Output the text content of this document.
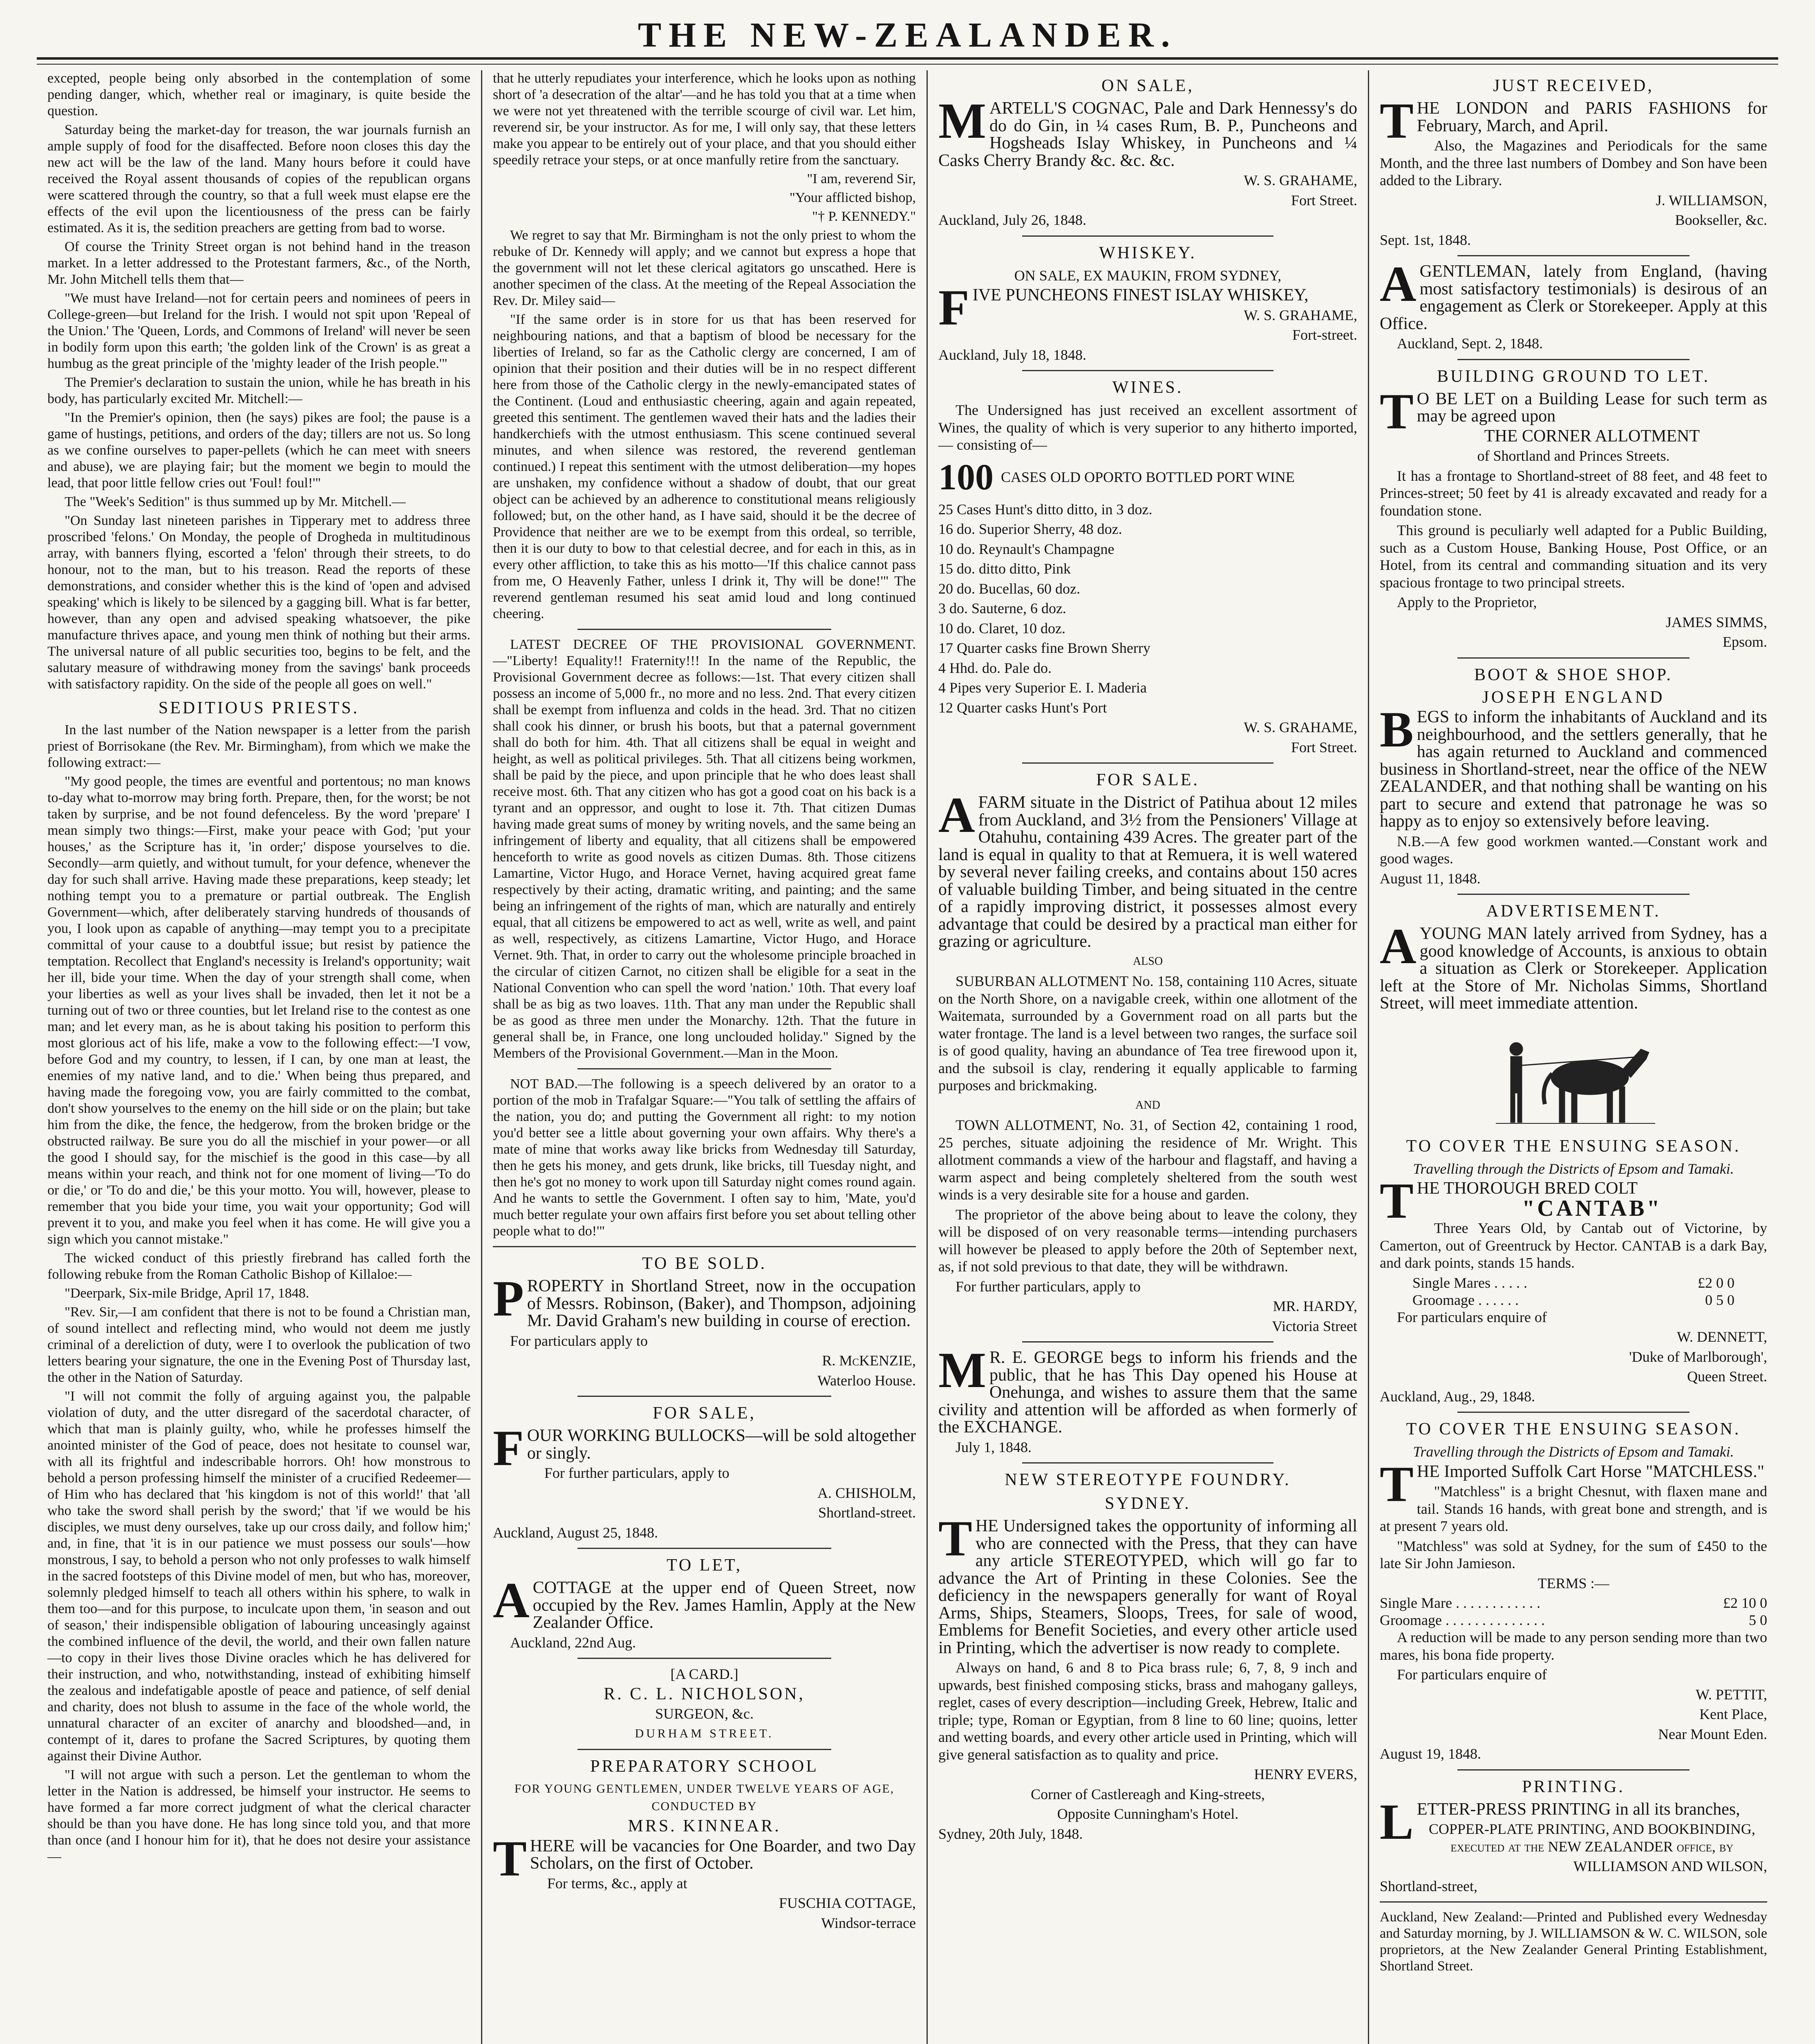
THE NEW-ZEALANDER.

excepted, people being only absorbed in the contemplation of some pending danger, which, whether real or imaginary, is quite beside the question.

Saturday being the market-day for treason, the war journals furnish an ample supply of food for the disaffected. Before noon closes this day the new act will be the law of the land. Many hours before it could have received the Royal assent thousands of copies of the republican organs were scattered through the country, so that a full week must elapse ere the effects of the evil upon the licentiousness of the press can be fairly estimated. As it is, the sedition preachers are getting from bad to worse.

Of course the Trinity Street organ is not behind hand in the treason market. In a letter addressed to the Protestant farmers, &c., of the North, Mr. John Mitchell tells them that—

"We must have Ireland—not for certain peers and nominees of peers in College-green—but Ireland for the Irish. I would not spit upon 'Repeal of the Union.' The 'Queen, Lords, and Commons of Ireland' will never be seen in bodily form upon this earth; 'the golden link of the Crown' is as great a humbug as the great principle of the 'mighty leader of the Irish people.'"

The Premier's declaration to sustain the union, while he has breath in his body, has particularly excited Mr. Mitchell:—

"In the Premier's opinion, then (he says) pikes are fool; the pause is a game of hustings, petitions, and orders of the day; tillers are not us. So long as we confine ourselves to paper-pellets (which he can meet with sneers and abuse), we are playing fair; but the moment we begin to mould the lead, that poor little fellow cries out 'Foul! foul!'"

The "Week's Sedition" is thus summed up by Mr. Mitchell.—

"On Sunday last nineteen parishes in Tipperary met to address three proscribed 'felons.' On Monday, the people of Drogheda in multitudinous array, with banners flying, escorted a 'felon' through their streets, to do honour, not to the man, but to his treason. Read the reports of these demonstrations, and consider whether this is the kind of 'open and advised speaking' which is likely to be silenced by a gagging bill. What is far better, however, than any open and advised speaking whatsoever, the pike manufacture thrives apace, and young men think of nothing but their arms. The universal nature of all public securities too, begins to be felt, and the salutary measure of withdrawing money from the savings' bank proceeds with satisfactory rapidity. On the side of the people all goes on well."

SEDITIOUS PRIESTS.

In the last number of the Nation newspaper is a letter from the parish priest of Borrisokane (the Rev. Mr. Birmingham), from which we make the following extract:—

"My good people, the times are eventful and portentous; no man knows to-day what to-morrow may bring forth. Prepare, then, for the worst; be not taken by surprise, and be not found defenceless. By the word 'prepare' I mean simply two things:—First, make your peace with God; 'put your houses,' as the Scripture has it, 'in order;' dispose yourselves to die. Secondly—arm quietly, and without tumult, for your defence, whenever the day for such shall arrive. Having made these preparations, keep steady; let nothing tempt you to a premature or partial outbreak. The English Government—which, after deliberately starving hundreds of thousands of you, I look upon as capable of anything—may tempt you to a precipitate committal of your cause to a doubtful issue; but resist by patience the temptation. Recollect that England's necessity is Ireland's opportunity; wait her ill, bide your time. When the day of your strength shall come, when your liberties as well as your lives shall be invaded, then let it not be a turning out of two or three counties, but let Ireland rise to the contest as one man; and let every man, as he is about taking his position to perform this most glorious act of his life, make a vow to the following effect:—'I vow, before God and my country, to lessen, if I can, by one man at least, the enemies of my native land, and to die.' When being thus prepared, and having made the foregoing vow, you are fairly committed to the combat, don't show yourselves to the enemy on the hill side or on the plain; but take him from the dike, the fence, the hedgerow, from the broken bridge or the obstructed railway. Be sure you do all the mischief in your power—or all the good I should say, for the mischief is the good in this case—by all means within your reach, and think not for one moment of living—'To do or die,' or 'To do and die,' be this your motto. You will, however, please to remember that you bide your time, you wait your opportunity; God will prevent it to you, and make you feel when it has come. He will give you a sign which you cannot mistake."

The wicked conduct of this priestly firebrand has called forth the following rebuke from the Roman Catholic Bishop of Killaloe:—

"Deerpark, Six-mile Bridge, April 17, 1848.

"Rev. Sir,—I am confident that there is not to be found a Christian man, of sound intellect and reflecting mind, who would not deem me justly criminal of a dereliction of duty, were I to overlook the publication of two letters bearing your signature, the one in the Evening Post of Thursday last, the other in the Nation of Saturday.

"I will not commit the folly of arguing against you, the palpable violation of duty, and the utter disregard of the sacerdotal character, of which that man is plainly guilty, who, while he professes himself the anointed minister of the God of peace, does not hesitate to counsel war, with all its frightful and indescribable horrors. Oh! how monstrous to behold a person professing himself the minister of a crucified Redeemer—of Him who has declared that 'his kingdom is not of this world!' that 'all who take the sword shall perish by the sword;' that 'if we would be his disciples, we must deny ourselves, take up our cross daily, and follow him;' and, in fine, that 'it is in our patience we must possess our souls'—how monstrous, I say, to behold a person who not only professes to walk himself in the sacred footsteps of this Divine model of men, but who has, moreover, solemnly pledged himself to teach all others within his sphere, to walk in them too—and for this purpose, to inculcate upon them, 'in season and out of season,' their indispensible obligation of labouring unceasingly against the combined influence of the devil, the world, and their own fallen nature—to copy in their lives those Divine oracles which he has delivered for their instruction, and who, notwithstanding, instead of exhibiting himself the zealous and indefatigable apostle of peace and patience, of self denial and charity, does not blush to assume in the face of the whole world, the unnatural character of an exciter of anarchy and bloodshed—and, in contempt of it, dares to profane the Sacred Scriptures, by quoting them against their Divine Author.

"I will not argue with such a person. Let the gentleman to whom the letter in the Nation is addressed, be himself your instructor. He seems to have formed a far more correct judgment of what the clerical character should be than you have done. He has long since told you, and that more than once (and I honour him for it), that he does not desire your assistance—

that he utterly repudiates your interference, which he looks upon as nothing short of 'a desecration of the altar'—and he has told you that at a time when we were not yet threatened with the terrible scourge of civil war. Let him, reverend sir, be your instructor. As for me, I will only say, that these letters make you appear to be entirely out of your place, and that you should either speedily retrace your steps, or at once manfully retire from the sanctuary.

"I am, reverend Sir,

"Your afflicted bishop,

"† P. KENNEDY."

We regret to say that Mr. Birmingham is not the only priest to whom the rebuke of Dr. Kennedy will apply; and we cannot but express a hope that the government will not let these clerical agitators go unscathed. Here is another specimen of the class. At the meeting of the Repeal Association the Rev. Dr. Miley said—

"If the same order is in store for us that has been reserved for neighbouring nations, and that a baptism of blood be necessary for the liberties of Ireland, so far as the Catholic clergy are concerned, I am of opinion that their position and their duties will be in no respect different here from those of the Catholic clergy in the newly-emancipated states of the Continent. (Loud and enthusiastic cheering, again and again repeated, greeted this sentiment. The gentlemen waved their hats and the ladies their handkerchiefs with the utmost enthusiasm. This scene continued several minutes, and when silence was restored, the reverend gentleman continued.) I repeat this sentiment with the utmost deliberation—my hopes are unshaken, my confidence without a shadow of doubt, that our great object can be achieved by an adherence to constitutional means religiously followed; but, on the other hand, as I have said, should it be the decree of Providence that neither are we to be exempt from this ordeal, so terrible, then it is our duty to bow to that celestial decree, and for each in this, as in every other affliction, to take this as his motto—'If this chalice cannot pass from me, O Heavenly Father, unless I drink it, Thy will be done!'" The reverend gentleman resumed his seat amid loud and long continued cheering.

LATEST DECREE OF THE PROVISIONAL GOVERNMENT.—"Liberty! Equality!! Fraternity!!! In the name of the Republic, the Provisional Government decree as follows:—1st. That every citizen shall possess an income of 5,000 fr., no more and no less. 2nd. That every citizen shall be exempt from influenza and colds in the head. 3rd. That no citizen shall cook his dinner, or brush his boots, but that a paternal government shall do both for him. 4th. That all citizens shall be equal in weight and height, as well as political privileges. 5th. That all citizens being workmen, shall be paid by the piece, and upon principle that he who does least shall receive most. 6th. That any citizen who has got a good coat on his back is a tyrant and an oppressor, and ought to lose it. 7th. That citizen Dumas having made great sums of money by writing novels, and the same being an infringement of liberty and equality, that all citizens shall be empowered henceforth to write as good novels as citizen Dumas. 8th. Those citizens Lamartine, Victor Hugo, and Horace Vernet, having acquired great fame respectively by their acting, dramatic writing, and painting; and the same being an infringement of the rights of man, which are naturally and entirely equal, that all citizens be empowered to act as well, write as well, and paint as well, respectively, as citizens Lamartine, Victor Hugo, and Horace Vernet. 9th. That, in order to carry out the wholesome principle broached in the circular of citizen Carnot, no citizen shall be eligible for a seat in the National Convention who can spell the word 'nation.' 10th. That every loaf shall be as big as two loaves. 11th. That any man under the Republic shall be as good as three men under the Monarchy. 12th. That the future in general shall be, in France, one long unclouded holiday." Signed by the Members of the Provisional Government.—Man in the Moon.

NOT BAD.—The following is a speech delivered by an orator to a portion of the mob in Trafalgar Square:—"You talk of settling the affairs of the nation, you do; and putting the Government all right: to my notion you'd better see a little about governing your own affairs. Why there's a mate of mine that works away like bricks from Wednesday till Saturday, then he gets his money, and gets drunk, like bricks, till Tuesday night, and then he's got no money to work upon till Saturday night comes round again. And he wants to settle the Government. I often say to him, 'Mate, you'd much better regulate your own affairs first before you set about telling other people what to do!'"

TO BE SOLD.

PROPERTY in Shortland Street, now in the occupation of Messrs. Robinson, (Baker), and Thompson, adjoining Mr. David Graham's new building in course of erection.

For particulars apply to

R. McKENZIE,

Waterloo House.

FOR SALE,

FOUR WORKING BULLOCKS—will be sold altogether or singly.

For further particulars, apply to

A. CHISHOLM,

Shortland-street.

Auckland, August 25, 1848.

TO LET,

ACOTTAGE at the upper end of Queen Street, now occupied by the Rev. James Hamlin, Apply at the New Zealander Office.

Auckland, 22nd Aug.

[A CARD.]

R. C. L. NICHOLSON,

SURGEON, &c.

DURHAM STREET.

PREPARATORY SCHOOL

FOR YOUNG GENTLEMEN, UNDER TWELVE YEARS OF AGE, CONDUCTED BY

MRS. KINNEAR.

THERE will be vacancies for One Boarder, and two Day Scholars, on the first of October.

For terms, &c., apply at

FUSCHIA COTTAGE,

Windsor-terrace

ON SALE,

MARTELL'S COGNAC, Pale and Dark Hennessy's do do do Gin, in ¼ cases Rum, B. P., Puncheons and Hogsheads Islay Whiskey, in Puncheons and ¼ Casks Cherry Brandy &c. &c. &c.

W. S. GRAHAME,

Fort Street.

Auckland, July 26, 1848.

WHISKEY.

ON SALE, EX MAUKIN, FROM SYDNEY,

FIVE PUNCHEONS FINEST ISLAY WHISKEY,

W. S. GRAHAME,

Fort-street.

Auckland, July 18, 1848.

WINES.

The Undersigned has just received an excellent assortment of Wines, the quality of which is very superior to any hitherto imported,— consisting of—

100 CASES OLD OPORTO BOTTLED PORT WINE

25 Cases Hunt's ditto ditto, in 3 doz.

16 do. Superior Sherry, 48 doz.

10 do. Reynault's Champagne

15 do. ditto ditto, Pink

20 do. Bucellas, 60 doz.

3 do. Sauterne, 6 doz.

10 do. Claret, 10 doz.

17 Quarter casks fine Brown Sherry

4 Hhd. do. Pale do.

4 Pipes very Superior E. I. Maderia

12 Quarter casks Hunt's Port

W. S. GRAHAME,

Fort Street.

FOR SALE.

AFARM situate in the District of Patihua about 12 miles from Auckland, and 3½ from the Pensioners' Village at Otahuhu, containing 439 Acres. The greater part of the land is equal in quality to that at Remuera, it is well watered by several never failing creeks, and contains about 150 acres of valuable building Timber, and being situated in the centre of a rapidly improving district, it possesses almost every advantage that could be desired by a practical man either for grazing or agriculture.

ALSO

SUBURBAN ALLOTMENT No. 158, containing 110 Acres, situate on the North Shore, on a navigable creek, within one allotment of the Waitemata, surrounded by a Government road on all parts but the water frontage. The land is a level between two ranges, the surface soil is of good quality, having an abundance of Tea tree firewood upon it, and the subsoil is clay, rendering it equally applicable to farming purposes and brickmaking.

AND

TOWN ALLOTMENT, No. 31, of Section 42, containing 1 rood, 25 perches, situate adjoining the residence of Mr. Wright. This allotment commands a view of the harbour and flagstaff, and having a warm aspect and being completely sheltered from the south west winds is a very desirable site for a house and garden.

The proprietor of the above being about to leave the colony, they will be disposed of on very reasonable terms—intending purchasers will however be pleased to apply before the 20th of September next, as, if not sold previous to that date, they will be withdrawn.

For further particulars, apply to

MR. HARDY,

Victoria Street

MR. E. GEORGE begs to inform his friends and the public, that he has This Day opened his House at Onehunga, and wishes to assure them that the same civility and attention will be afforded as when formerly of the EXCHANGE.

July 1, 1848.

NEW STEREOTYPE FOUNDRY.
SYDNEY.

THE Undersigned takes the opportunity of informing all who are connected with the Press, that they can have any article STEREOTYPED, which will go far to advance the Art of Printing in these Colonies. See the deficiency in the newspapers generally for want of Royal Arms, Ships, Steamers, Sloops, Trees, for sale of wood, Emblems for Benefit Societies, and every other article used in Printing, which the advertiser is now ready to complete.

Always on hand, 6 and 8 to Pica brass rule; 6, 7, 8, 9 inch and upwards, best finished composing sticks, brass and mahogany galleys, reglet, cases of every description—including Greek, Hebrew, Italic and triple; type, Roman or Egyptian, from 8 line to 60 line; quoins, letter and wetting boards, and every other article used in Printing, which will give general satisfaction as to quality and price.

HENRY EVERS,

Corner of Castlereagh and King-streets,

Opposite Cunningham's Hotel.

Sydney, 20th July, 1848.

JUST RECEIVED,

THE LONDON and PARIS FASHIONS for February, March, and April.

Also, the Magazines and Periodicals for the same Month, and the three last numbers of Dombey and Son have been added to the Library.

J. WILLIAMSON,

Bookseller, &c.

Sept. 1st, 1848.

AGENTLEMAN, lately from England, (having most satisfactory testimonials) is desirous of an engagement as Clerk or Storekeeper. Apply at this Office.

Auckland, Sept. 2, 1848.

BUILDING GROUND TO LET.

TO BE LET on a Building Lease for such term as may be agreed upon

THE CORNER ALLOTMENT

of Shortland and Princes Streets.

It has a frontage to Shortland-street of 88 feet, and 48 feet to Princes-street; 50 feet by 41 is already excavated and ready for a foundation stone.

This ground is peculiarly well adapted for a Public Building, such as a Custom House, Banking House, Post Office, or an Hotel, from its central and commanding situation and its very spacious frontage to two principal streets.

Apply to the Proprietor,

JAMES SIMMS,

Epsom.

BOOT & SHOE SHOP.

JOSEPH ENGLAND

BEGS to inform the inhabitants of Auckland and its neighbourhood, and the settlers generally, that he has again returned to Auckland and commenced business in Shortland-street, near the office of the NEW ZEALANDER, and that nothing shall be wanting on his part to secure and extend that patronage he was so happy as to enjoy so extensively before leaving.

N.B.—A few good workmen wanted.—Constant work and good wages.

August 11, 1848.

ADVERTISEMENT.

AYOUNG MAN lately arrived from Sydney, has a good knowledge of Accounts, is anxious to obtain a situation as Clerk or Storekeeper. Application left at the Store of Mr. Nicholas Simms, Shortland Street, will meet immediate attention.

TO COVER THE ENSUING SEASON.

Travelling through the Districts of Epsom and Tamaki.

THE THOROUGH BRED COLT

"CANTAB"

Three Years Old, by Cantab out of Victorine, by Camerton, out of Greentruck by Hector. CANTAB is a dark Bay, and dark points, stands 15 hands.

Single Mares . . . . .	£2 0 0
Groomage . . . . . .	0 5 0

For particulars enquire of

W. DENNETT,

'Duke of Marlborough',

Queen Street.

Auckland, Aug., 29, 1848.

TO COVER THE ENSUING SEASON.

Travelling through the Districts of Epsom and Tamaki.

THE Imported Suffolk Cart Horse "MATCHLESS."

"Matchless" is a bright Chesnut, with flaxen mane and tail. Stands 16 hands, with great bone and strength, and is at present 7 years old.

"Matchless" was sold at Sydney, for the sum of £450 to the late Sir John Jamieson.

TERMS :—

Single Mare . . . . . . . . . . . .	£2 10 0
Groomage . . . . . . . . . . . . . .	5 0

A reduction will be made to any person sending more than two mares, his bona fide property.

For particulars enquire of

W. PETTIT,

Kent Place,

Near Mount Eden.

August 19, 1848.

PRINTING.

LETTER-PRESS PRINTING in all its branches,

COPPER-PLATE PRINTING, AND BOOKBINDING, executed at the NEW ZEALANDER office, by

WILLIAMSON AND WILSON,

Shortland-street,

Auckland, New Zealand:—Printed and Published every Wednesday and Saturday morning, by J. WILLIAMSON & W. C. WILSON, sole proprietors, at the New Zealander General Printing Establishment, Shortland Street.
